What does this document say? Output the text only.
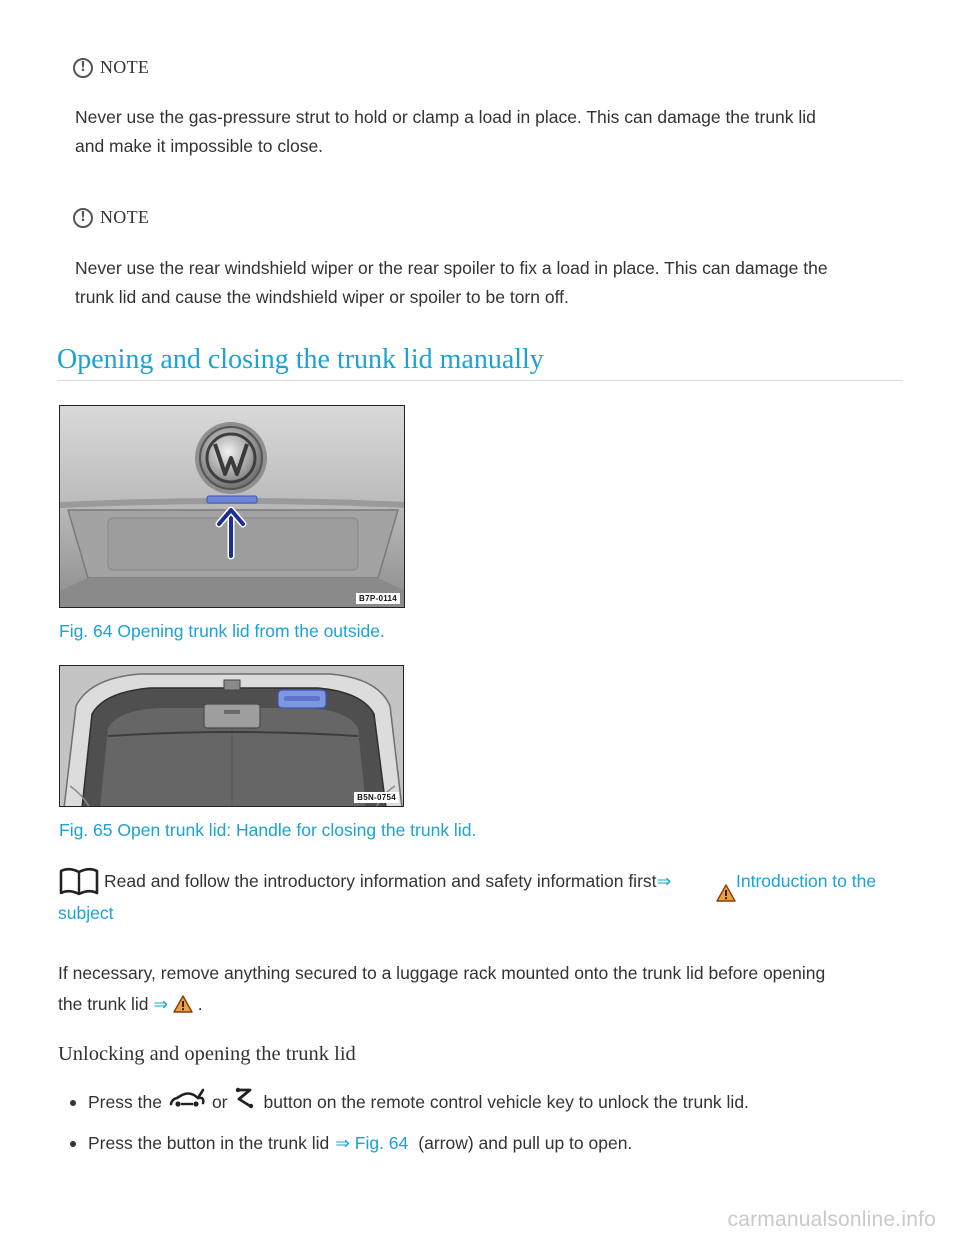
! NOTE
Never use the gas-pressure strut to hold or clamp a load in place. This can damage the trunk lid
and make it impossible to close.
! NOTE
Never use the rear windshield wiper or the rear spoiler to fix a load in place. This can damage the
trunk lid and cause the windshield wiper or spoiler to be torn off.
Opening and closing the trunk lid manually
B7P-0114
Fig. 64 Opening trunk lid from the outside.
B5N-0754
Fig. 65 Open trunk lid: Handle for closing the trunk lid.
Read and follow the introductory information and safety information first⇒	Introduction to the
subject
If necessary, remove anything secured to a luggage rack mounted onto the trunk lid before opening
the trunk lid ⇒ .
Unlocking and opening the trunk lid
Press the	or button on the remote control vehicle key to unlock the trunk lid.
Press the button in the trunk lid ⇒ Fig. 64 (arrow) and pull up to open.
carmanualsonline.info
